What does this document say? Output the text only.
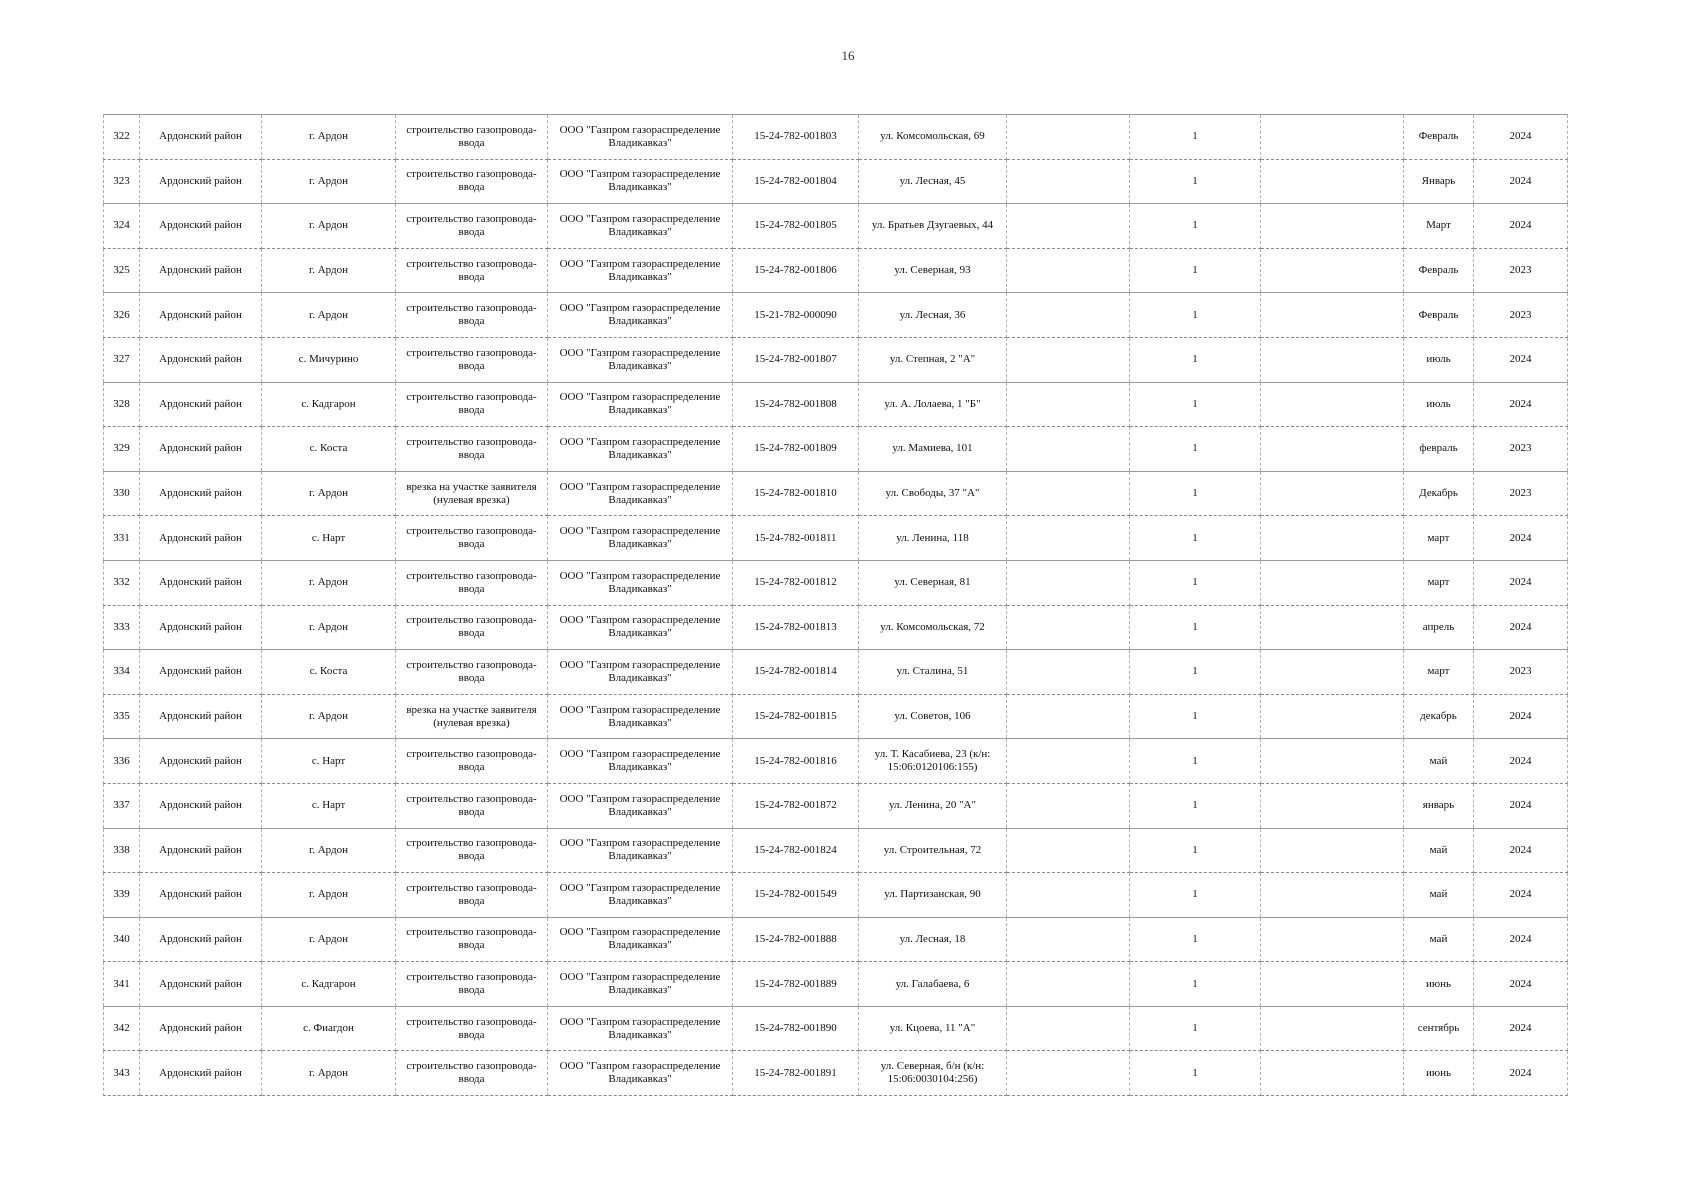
16
322	Ардонский район	г. Ардон	строительство газопровода-ввода	ООО "Газпром газораспределение Владикавказ"	15-24-782-001803	ул. Комсомольская, 69		1		Февраль	2024
323	Ардонский район	г. Ардон	строительство газопровода-ввода	ООО "Газпром газораспределение Владикавказ"	15-24-782-001804	ул. Лесная, 45		1		Январь	2024
324	Ардонский район	г. Ардон	строительство газопровода-ввода	ООО "Газпром газораспределение Владикавказ"	15-24-782-001805	ул. Братьев Дзугаевых, 44		1		Март	2024
325	Ардонский район	г. Ардон	строительство газопровода-ввода	ООО "Газпром газораспределение Владикавказ"	15-24-782-001806	ул. Северная, 93		1		Февраль	2023
326	Ардонский район	г. Ардон	строительство газопровода-ввода	ООО "Газпром газораспределение Владикавказ"	15-21-782-000090	ул. Лесная, 36		1		Февраль	2023
327	Ардонский район	с. Мичурино	строительство газопровода-ввода	ООО "Газпром газораспределение Владикавказ"	15-24-782-001807	ул. Степная, 2 "А"		1		июль	2024
328	Ардонский район	с. Кадгарон	строительство газопровода-ввода	ООО "Газпром газораспределение Владикавказ"	15-24-782-001808	ул. А. Лолаева, 1 "Б"		1		июль	2024
329	Ардонский район	с. Коста	строительство газопровода-ввода	ООО "Газпром газораспределение Владикавказ"	15-24-782-001809	ул. Мамиева, 101		1		февраль	2023
330	Ардонский район	г. Ардон	врезка на участке заявителя (нулевая врезка)	ООО "Газпром газораспределение Владикавказ"	15-24-782-001810	ул. Свободы, 37 "А"		1		Декабрь	2023
331	Ардонский район	с. Нарт	строительство газопровода-ввода	ООО "Газпром газораспределение Владикавказ"	15-24-782-001811	ул. Ленина, 118		1		март	2024
332	Ардонский район	г. Ардон	строительство газопровода-ввода	ООО "Газпром газораспределение Владикавказ"	15-24-782-001812	ул. Северная, 81		1		март	2024
333	Ардонский район	г. Ардон	строительство газопровода-ввода	ООО "Газпром газораспределение Владикавказ"	15-24-782-001813	ул. Комсомольская, 72		1		апрель	2024
334	Ардонский район	с. Коста	строительство газопровода-ввода	ООО "Газпром газораспределение Владикавказ"	15-24-782-001814	ул. Сталина, 51		1		март	2023
335	Ардонский район	г. Ардон	врезка на участке заявителя (нулевая врезка)	ООО "Газпром газораспределение Владикавказ"	15-24-782-001815	ул. Советов, 106		1		декабрь	2024
336	Ардонский район	с. Нарт	строительство газопровода-ввода	ООО "Газпром газораспределение Владикавказ"	15-24-782-001816	ул. Т. Касабиева, 23 (к/н: 15:06:0120106:155)		1		май	2024
337	Ардонский район	с. Нарт	строительство газопровода-ввода	ООО "Газпром газораспределение Владикавказ"	15-24-782-001872	ул. Ленина, 20 "А"		1		январь	2024
338	Ардонский район	г. Ардон	строительство газопровода-ввода	ООО "Газпром газораспределение Владикавказ"	15-24-782-001824	ул. Строительная, 72		1		май	2024
339	Ардонский район	г. Ардон	строительство газопровода-ввода	ООО "Газпром газораспределение Владикавказ"	15-24-782-001549	ул. Партизанская, 90		1		май	2024
340	Ардонский район	г. Ардон	строительство газопровода-ввода	ООО "Газпром газораспределение Владикавказ"	15-24-782-001888	ул. Лесная, 18		1		май	2024
341	Ардонский район	с. Кадгарон	строительство газопровода-ввода	ООО "Газпром газораспределение Владикавказ"	15-24-782-001889	ул. Галабаева, 6		1		июнь	2024
342	Ардонский район	с. Фиагдон	строительство газопровода-ввода	ООО "Газпром газораспределение Владикавказ"	15-24-782-001890	ул. Кцоева, 11 "А"		1		сентябрь	2024
343	Ардонский район	г. Ардон	строительство газопровода-ввода	ООО "Газпром газораспределение Владикавказ"	15-24-782-001891	ул. Северная, б/н (к/н: 15:06:0030104:256)		1		июнь	2024
